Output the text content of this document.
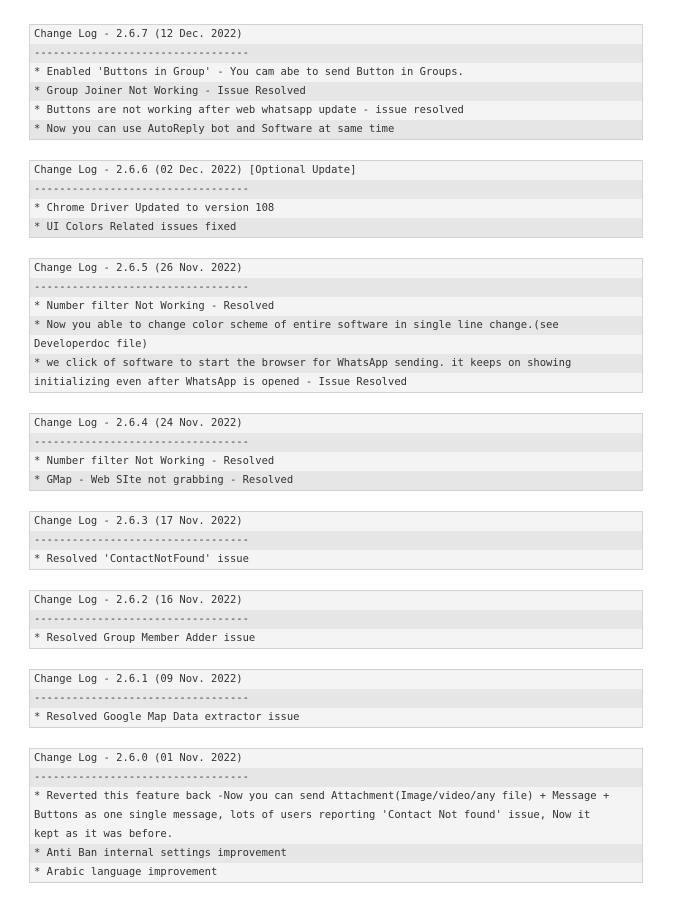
Change Log - 2.6.7 (12 Dec. 2022)
----------------------------------
* Enabled 'Buttons in Group' - You cam abe to send Button in Groups.
* Group Joiner Not Working - Issue Resolved
* Buttons are not working after web whatsapp update - issue resolved
* Now you can use AutoReply bot and Software at same time
Change Log - 2.6.6 (02 Dec. 2022) [Optional Update]
----------------------------------
* Chrome Driver Updated to version 108
* UI Colors Related issues fixed
Change Log - 2.6.5 (26 Nov. 2022)
----------------------------------
* Number filter Not Working - Resolved
* Now you able to change color scheme of entire software in single line change.(see
Developerdoc file)
* we click of software to start the browser for WhatsApp sending. it keeps on showing
initializing even after WhatsApp is opened - Issue Resolved
Change Log - 2.6.4 (24 Nov. 2022)
----------------------------------
* Number filter Not Working - Resolved
* GMap - Web SIte not grabbing - Resolved
Change Log - 2.6.3 (17 Nov. 2022)
----------------------------------
* Resolved 'ContactNotFound' issue
Change Log - 2.6.2 (16 Nov. 2022)
----------------------------------
* Resolved Group Member Adder issue
Change Log - 2.6.1 (09 Nov. 2022)
----------------------------------
* Resolved Google Map Data extractor issue
Change Log - 2.6.0 (01 Nov. 2022)
----------------------------------
* Reverted this feature back -Now you can send Attachment(Image/video/any file) + Message +
Buttons as one single message, lots of users reporting 'Contact Not found' issue, Now it
kept as it was before.
* Anti Ban internal settings improvement
* Arabic language improvement
